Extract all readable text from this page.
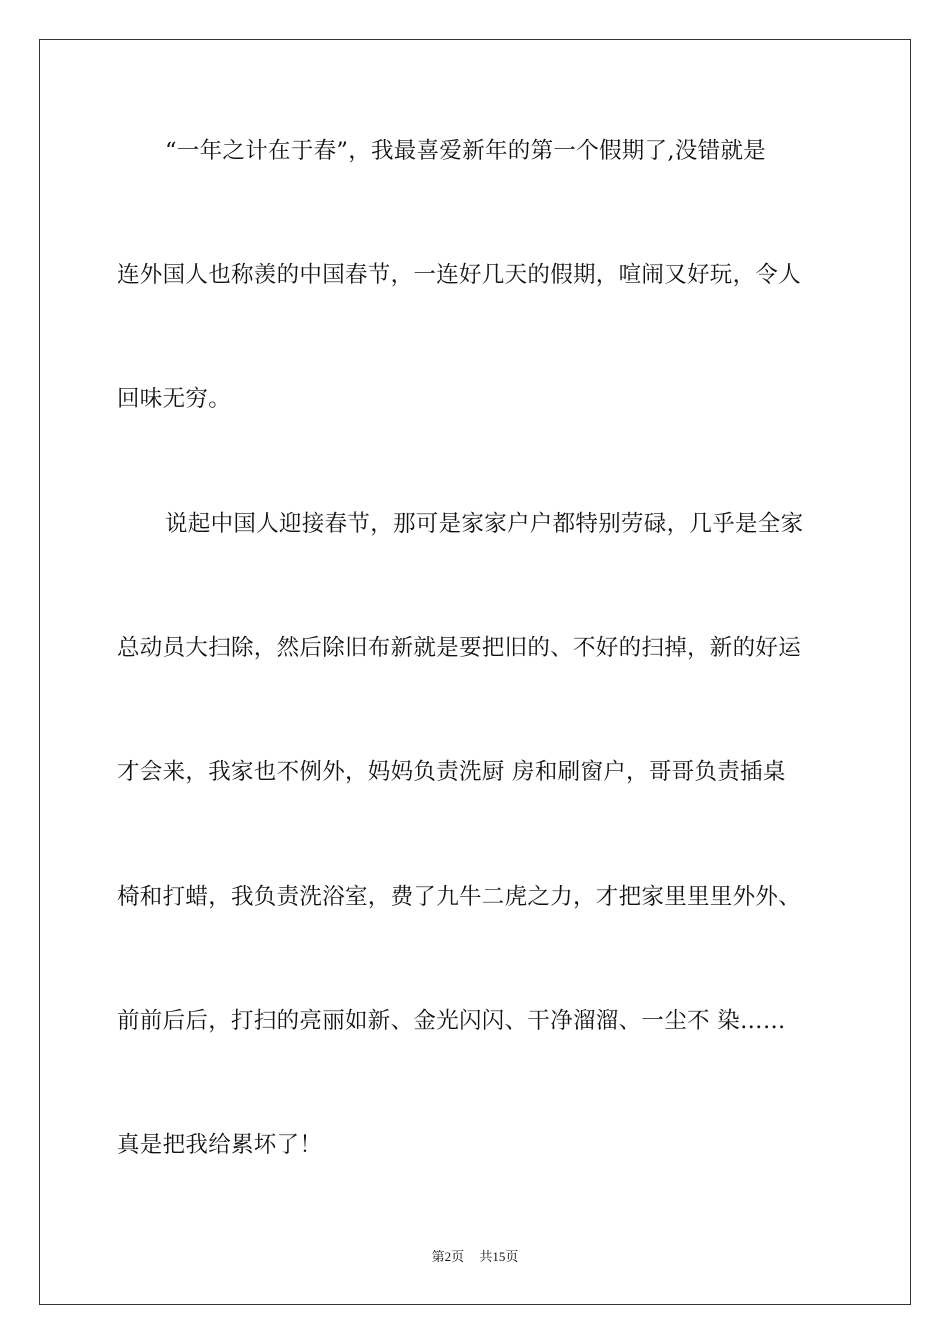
“一年之计在于春”，我最喜爱新年的第一个假期了,没错就是
连外国人也称羡的中国春节，一连好几天的假期，喧闹又好玩，令人
回味无穷。
说起中国人迎接春节，那可是家家户户都特别劳碌，几乎是全家
总动员大扫除，然后除旧布新就是要把旧的、不好的扫掉，新的好运
才会来，我家也不例外，妈妈负责洗厨 房和刷窗户，哥哥负责插桌
椅和打蜡，我负责洗浴室，费了九牛二虎之力，才把家里里里外外、
前前后后，打扫的亮丽如新、金光闪闪、干净溜溜、一尘不 染……
真是把我给累坏了！
第2页 共15页
